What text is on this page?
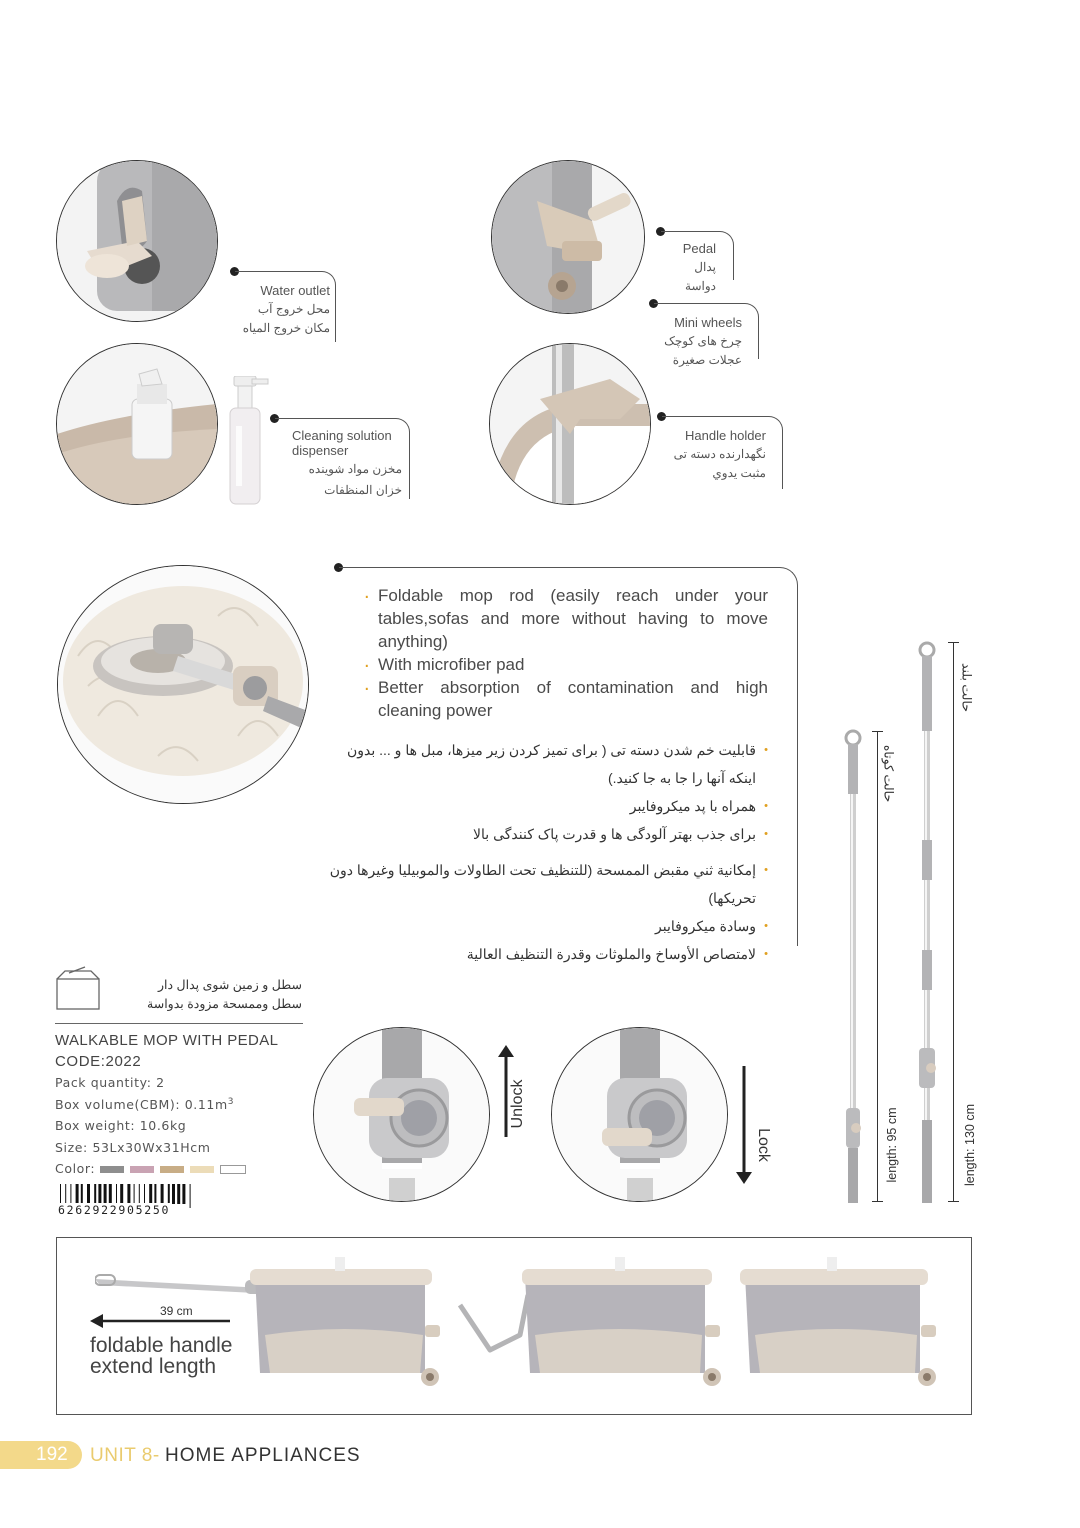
Water outlet
محل خروج آب
مكان خروج المياه
Cleaning solution dispenser
مخزن مواد شوینده
خزان المنظفات
Pedal
پدال
دواسة
Mini wheels
چرخ های کوچک
عجلات صغيرة
Handle holder
نگهدارنده دسته تی
مثبت يدوي
. Foldable mop rod (easily reach under your tables,sofas and more without having to move anything)
. With microfiber pad
. Better absorption of contamination and high cleaning power
• قابلیت خم شدن دسته تی ( برای تمیز کردن زیر میزها، مبل ها و ... بدون اینکه آنها را جا به جا کنید.)
• همراه با پد میکروفایبر
• برای جذب بهتر آلودگی ها و قدرت پاک کنندگی بالا
• إمكانية ثني مقبض الممسحة (للتنظيف تحت الطاولات والموبيليا وغيرها دون تحريكها)
• وسادة ميكروفايبر
• لامتصاص الأوساخ والملوثات وقدرة التنظيف العالية
سطل و زمین شوی پدال دار
سطل وممسحة مزودة بدواسة
WALKABLE MOP WITH PEDAL
CODE:2022
Pack quantity: 2
Box volume(CBM): $0.11m^3$
Box weight: 10.6kg
Size: 53Lx30Wx31Hcm
Color:
6262922905250
Unlock
Lock
حالت کوتاه
حالت بلند
length: 95 cm	length: 130 cm
39 cm
foldable handle
extend length
192 UNIT 8- HOME APPLIANCES
